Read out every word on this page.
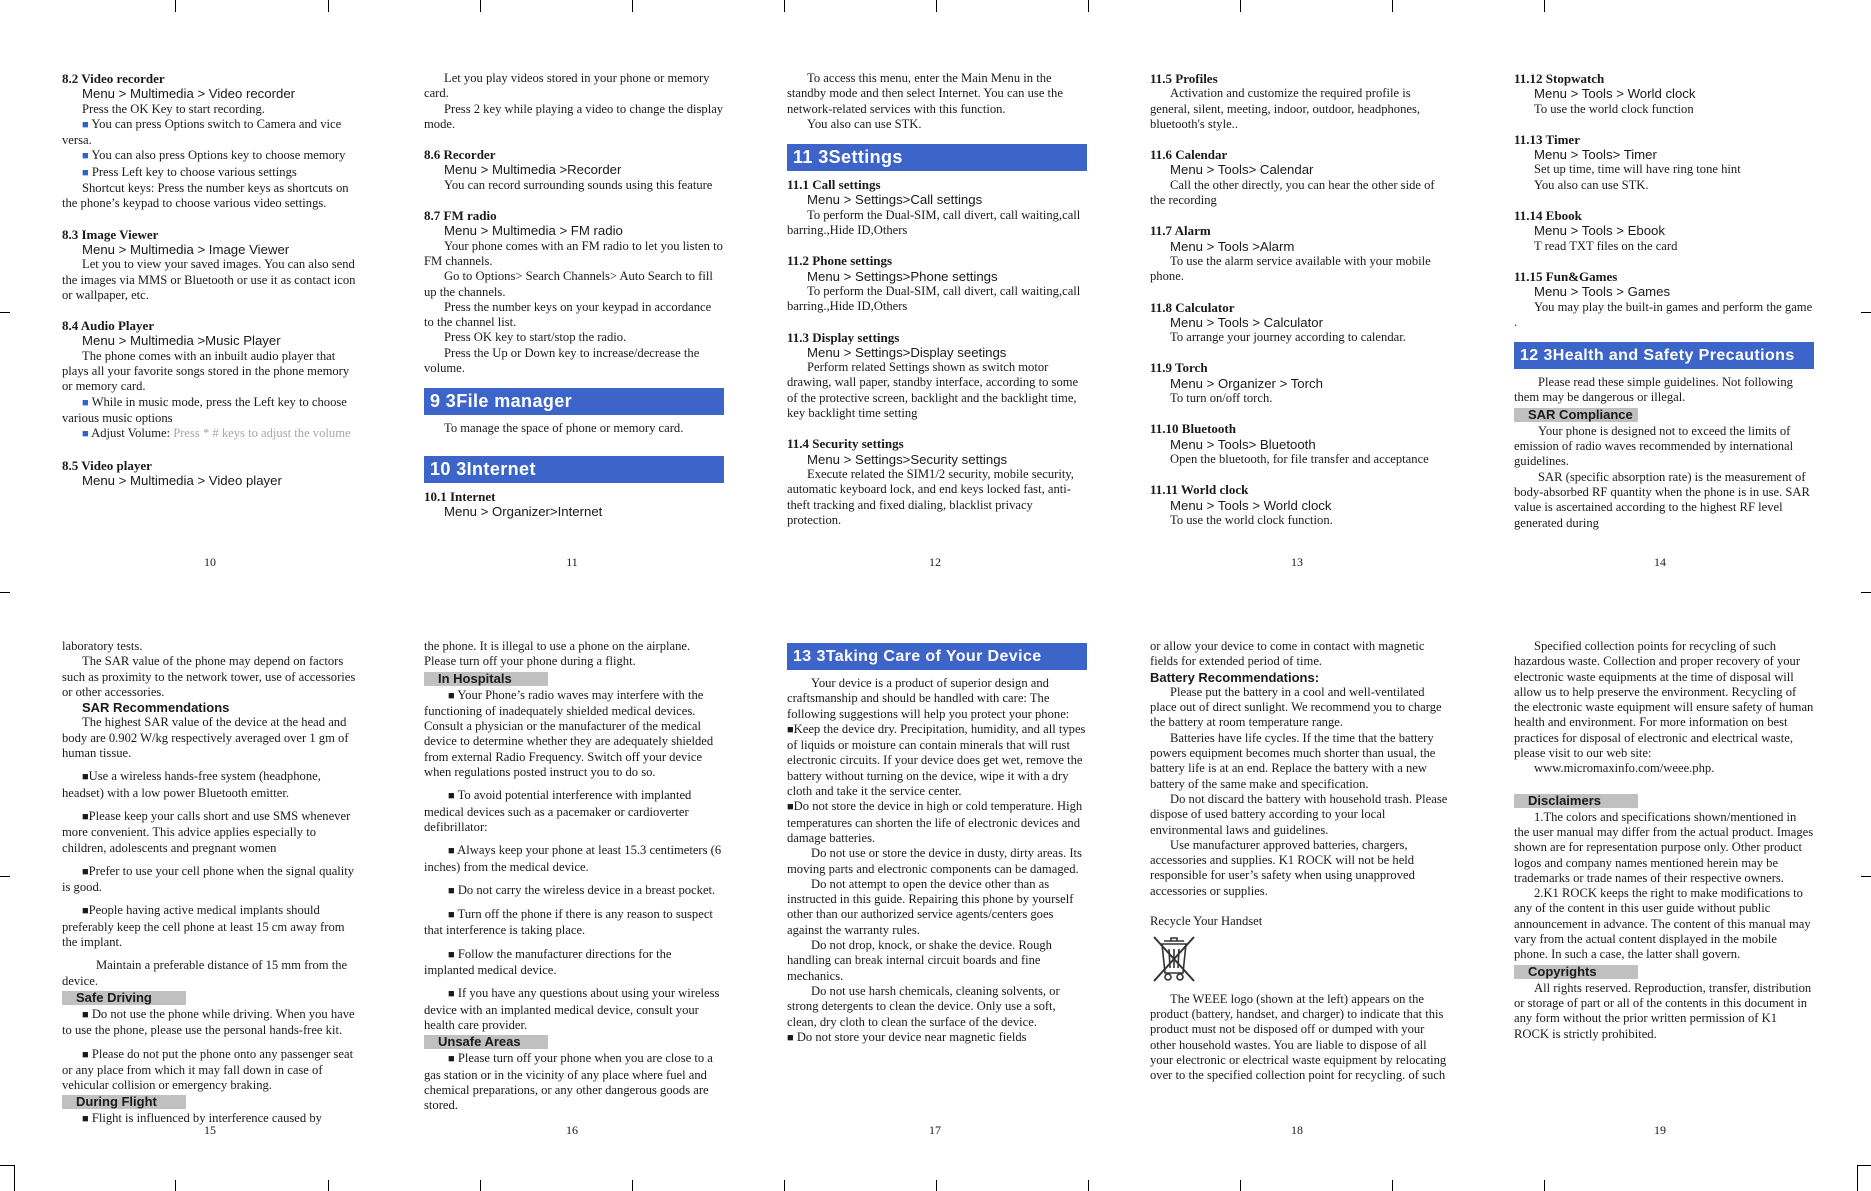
8.2 Video recorder

Menu > Multimedia > Video recorder

Press the OK Key to start recording.

■ You can press Options switch to Camera and vice versa.

■ You can also press Options key to choose memory

■ Press Left key to choose various settings

Shortcut keys: Press the number keys as shortcuts on the phone’s keypad to choose various video settings.

8.3 Image Viewer

Menu > Multimedia > Image Viewer

Let you to view your saved images. You can also send the images via MMS or Bluetooth or use it as contact icon or wallpaper, etc.

8.4 Audio Player

Menu > Multimedia >Music Player

The phone comes with an inbuilt audio player that plays all your favorite songs stored in the phone memory or memory card.

■ While in music mode, press the Left key to choose various music options

■ Adjust Volume: Press * # keys to adjust the volume

8.5 Video player

Menu > Multimedia > Video player

10

Let you play videos stored in your phone or memory card.

Press 2 key while playing a video to change the display mode.

8.6 Recorder

Menu > Multimedia >Recorder

You can record surrounding sounds using this feature

8.7 FM radio

Menu > Multimedia > FM radio

Your phone comes with an FM radio to let you listen to FM channels.

Go to Options> Search Channels> Auto Search to fill up the channels.

Press the number keys on your keypad in accordance to the channel list.

Press OK key to start/stop the radio.

Press the Up or Down key to increase/decrease the volume.

9 3File manager

To manage the space of phone or memory card.

10 3Internet

10.1 Internet

Menu > Organizer>Internet

11

To access this menu, enter the Main Menu in the standby mode and then select Internet. You can use the network-related services with this function.

You also can use STK.

11 3Settings

11.1 Call settings

Menu > Settings>Call settings

To perform the Dual-SIM, call divert, call waiting,call barring.,Hide ID,Others

11.2 Phone settings

Menu > Settings>Phone settings

To perform the Dual-SIM, call divert, call waiting,call barring.,Hide ID,Others

11.3 Display settings

Menu > Settings>Display seetings

Perform related Settings shown as switch motor drawing, wall paper, standby interface, according to some of the protective screen, backlight and the backlight time, key backlight time setting

11.4 Security settings

Menu > Settings>Security settings

Execute related the SIM1/2 security, mobile security, automatic keyboard lock, and end keys locked fast, anti-theft tracking and fixed dialing, blacklist privacy protection.

12

11.5 Profiles

Activation and customize the required profile is general, silent, meeting, indoor, outdoor, headphones, bluetooth's style..

11.6 Calendar

Menu > Tools> Calendar

Call the other directly, you can hear the other side of the recording

11.7 Alarm

Menu > Tools >Alarm

To use the alarm service available with your mobile phone.

11.8 Calculator

Menu > Tools > Calculator

To arrange your journey according to calendar.

11.9 Torch

Menu > Organizer > Torch

To turn on/off torch.

11.10 Bluetooth

Menu > Tools> Bluetooth

Open the bluetooth, for file transfer and acceptance

11.11 World clock

Menu > Tools > World clock

To use the world clock function.

13

11.12 Stopwatch

Menu > Tools > World clock

To use the world clock function

11.13 Timer

Menu > Tools> Timer

Set up time, time will have ring tone hint

You also can use STK.

11.14 Ebook

Menu > Tools > Ebook

T read TXT files on the card

11.15 Fun&Games

Menu > Tools > Games

You may play the built-in games and perform the game .

12 3Health and Safety Precautions

Please read these simple guidelines. Not following them may be dangerous or illegal.

SAR Compliance

Your phone is designed not to exceed the limits of emission of radio waves recommended by international guidelines.

SAR (specific absorption rate) is the measurement of body-absorbed RF quantity when the phone is in use. SAR value is ascertained according to the highest RF level generated during

14

laboratory tests.

The SAR value of the phone may depend on factors such as proximity to the network tower, use of accessories or other accessories.

SAR Recommendations

The highest SAR value of the device at the head and body are 0.902 W/kg respectively averaged over 1 gm of human tissue.

■Use a wireless hands-free system (headphone, headset) with a low power Bluetooth emitter.

■Please keep your calls short and use SMS whenever more convenient. This advice applies especially to children, adolescents and pregnant women

■Prefer to use your cell phone when the signal quality is good.

■People having active medical implants should preferably keep the cell phone at least 15 cm away from the implant.

Maintain a preferable distance of 15 mm from the device.

Safe Driving

■ Do not use the phone while driving. When you have to use the phone, please use the personal hands-free kit.

■ Please do not put the phone onto any passenger seat or any place from which it may fall down in case of vehicular collision or emergency braking.

During Flight

■ Flight is influenced by interference caused by

15

the phone. It is illegal to use a phone on the airplane. Please turn off your phone during a flight.

In Hospitals

■ Your Phone’s radio waves may interfere with the functioning of inadequately shielded medical devices. Consult a physician or the manufacturer of the medical device to determine whether they are adequately shielded from external Radio Frequency. Switch off your device when regulations posted instruct you to do so.

■ To avoid potential interference with implanted medical devices such as a pacemaker or cardioverter defibrillator:

■ Always keep your phone at least 15.3 centimeters (6 inches) from the medical device.

■ Do not carry the wireless device in a breast pocket.

■ Turn off the phone if there is any reason to suspect that interference is taking place.

■ Follow the manufacturer directions for the implanted medical device.

■ If you have any questions about using your wireless device with an implanted medical device, consult your

health care provider.

Unsafe Areas

■ Please turn off your phone when you are close to a gas station or in the vicinity of any place where fuel and chemical preparations, or any other dangerous goods are stored.

16
13 3Taking Care of Your Device

Your device is a product of superior design and craftsmanship and should be handled with care: The following suggestions will help you protect your phone:

■Keep the device dry. Precipitation, humidity, and all types of liquids or moisture can contain minerals that will rust electronic circuits. If your device does get wet, remove the battery without turning on the device, wipe it with a dry cloth and take it the service center.

■Do not store the device in high or cold temperature. High temperatures can shorten the life of electronic devices and damage batteries.

Do not use or store the device in dusty, dirty areas. Its moving parts and electronic components can be damaged.

Do not attempt to open the device other than as instructed in this guide. Repairing this phone by yourself other than our authorized service agents/centers goes against the warranty rules.

Do not drop, knock, or shake the device. Rough handling can break internal circuit boards and fine mechanics.

Do not use harsh chemicals, cleaning solvents, or strong detergents to clean the device. Only use a soft, clean, dry cloth to clean the surface of the device.

■ Do not store your device near magnetic fields

17

or allow your device to come in contact with magnetic fields for extended period of time.

Battery Recommendations:

Please put the battery in a cool and well-ventilated place out of direct sunlight. We recommend you to charge the battery at room temperature range.

Batteries have life cycles. If the time that the battery powers equipment becomes much shorter than usual, the battery life is at an end. Replace the battery with a new battery of the same make and specification.

Do not discard the battery with household trash. Please dispose of used battery according to your local environmental laws and guidelines.

Use manufacturer approved batteries, chargers, accessories and supplies. K1 ROCK will not be held responsible for user’s safety when using unapproved accessories or supplies.

Recycle Your Handset

The WEEE logo (shown at the left) appears on the product (battery, handset, and charger) to indicate that this product must not be disposed off or dumped with your other household wastes. You are liable to dispose of all your electronic or electrical waste equipment by relocating over to the specified collection point for recycling. of such

18

Specified collection points for recycling of such hazardous waste. Collection and proper recovery of your electronic waste equipments at the time of disposal will allow us to help preserve the environment. Recycling of the electronic waste equipment will ensure safety of human health and environment. For more information on best practices for disposal of electronic and electrical waste, please visit to our web site:

www.micromaxinfo.com/weee.php.

Disclaimers

1.The colors and specifications shown/mentioned in the user manual may differ from the actual product. Images shown are for representation purpose only. Other product logos and company names mentioned herein may be trademarks or trade names of their respective owners.

2.K1 ROCK keeps the right to make modifications to any of the content in this user guide without public announcement in advance. The content of this manual may vary from the actual content displayed in the mobile phone. In such a case, the latter shall govern.

Copyrights

All rights reserved. Reproduction, transfer, distribution or storage of part or all of the contents in this document in any form without the prior written permission of K1 ROCK is strictly prohibited.

19
